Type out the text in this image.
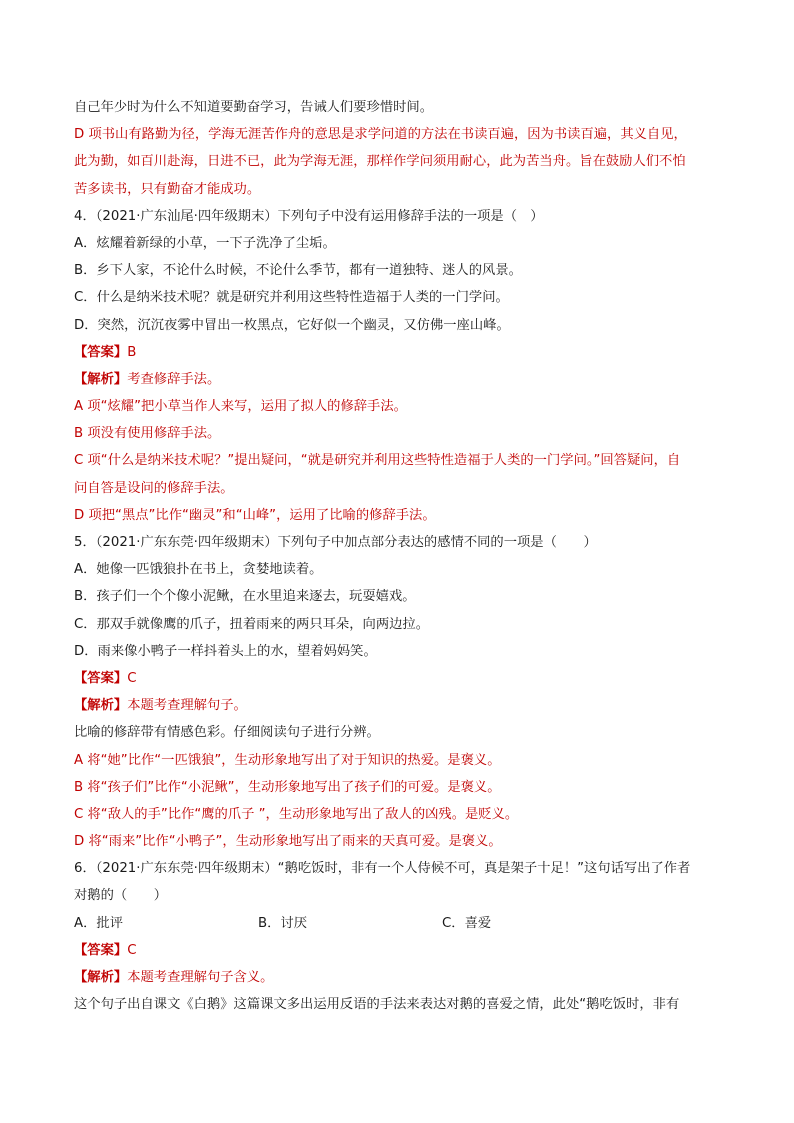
自己年少时为什么不知道要勤奋学习，告诫人们要珍惜时间。
D 项书山有路勤为径，学海无涯苦作舟的意思是求学问道的方法在书读百遍，因为书读百遍，其义自见，
此为勤，如百川赴海，日进不已，此为学海无涯，那样作学问须用耐心，此为苦当舟。旨在鼓励人们不怕
苦多读书，只有勤奋才能成功。
4．（2021·广东汕尾·四年级期末）下列句子中没有运用修辞手法的一项是（　）
A．炫耀着新绿的小草，一下子洗净了尘垢。
B．乡下人家，不论什么时候，不论什么季节，都有一道独特、迷人的风景。
C．什么是纳米技术呢？就是研究并利用这些特性造福于人类的一门学问。
D．突然，沉沉夜雾中冒出一枚黑点，它好似一个幽灵，又仿佛一座山峰。
【答案】B
【解析】考查修辞手法。
A 项“炫耀”把小草当作人来写，运用了拟人的修辞手法。
B 项没有使用修辞手法。
C 项“什么是纳米技术呢？”提出疑问，“就是研究并利用这些特性造福于人类的一门学问。”回答疑问，自
问自答是设问的修辞手法。
D 项把“黑点”比作“幽灵”和“山峰”，运用了比喻的修辞手法。
5．（2021·广东东莞·四年级期末）下列句子中加点部分表达的感情不同的一项是（　　）
A．她像一匹饿狼扑在书上，贪婪地读着。
B．孩子们一个个像小泥鳅，在水里追来逐去，玩耍嬉戏。
C．那双手就像鹰的爪子，扭着雨来的两只耳朵，向两边拉。
D．雨来像小鸭子一样抖着头上的水，望着妈妈笑。
【答案】C
【解析】本题考查理解句子。
比喻的修辞带有情感色彩。仔细阅读句子进行分辨。
A 将“她”比作“一匹饿狼”，生动形象地写出了对于知识的热爱。是褒义。
B 将“孩子们”比作“小泥鳅”，生动形象地写出了孩子们的可爱。是褒义。
C 将“敌人的手”比作“鹰的爪子 ”，生动形象地写出了敌人的凶残。是贬义。
D 将“雨来”比作“小鸭子”，生动形象地写出了雨来的天真可爱。是褒义。
6．（2021·广东东莞·四年级期末）“鹅吃饭时，非有一个人侍候不可，真是架子十足！”这句话写出了作者
对鹅的（　　）
A．批评	B．讨厌	C．喜爱
【答案】C
【解析】本题考查理解句子含义。
这个句子出自课文《白鹅》这篇课文多出运用反语的手法来表达对鹅的喜爱之情，此处“鹅吃饭时，非有
